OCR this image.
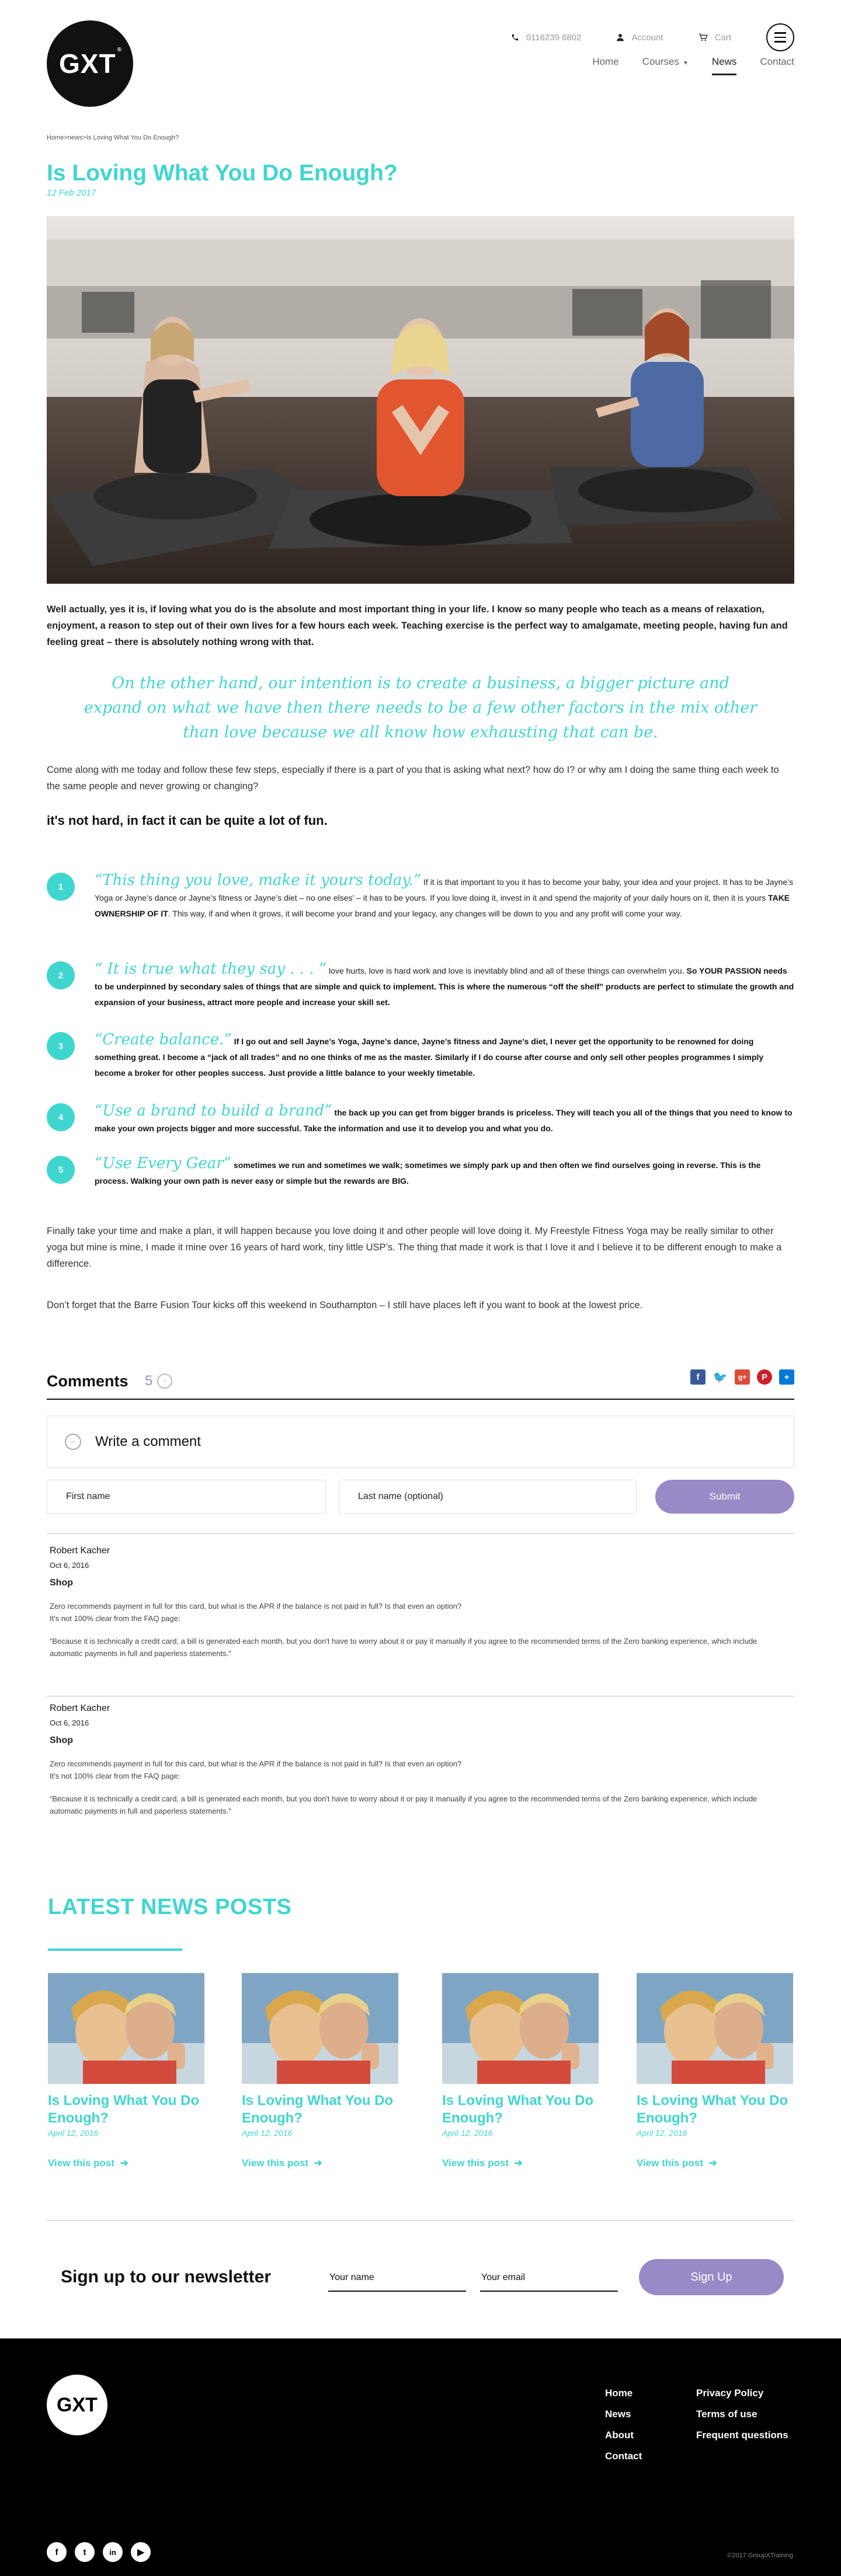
GXT®
0116239 6802	Account	Cart
Home Courses ▼ News Contact
Home>news>Is Loving What You Do Enough?
Is Loving What You Do Enough?
12 Feb 2017
Well actually, yes it is, if loving what you do is the absolute and most important thing in your life. I know so many people who teach as a means of relaxation, enjoyment, a reason to step out of their own lives for a few hours each week. Teaching exercise is the perfect way to amalgamate, meeting people, having fun and feeling great – there is absolutely nothing wrong with that.
On the other hand, our intention is to create a business, a bigger picture and expand on what we have then there needs to be a few other factors in the mix other than love because we all know how exhausting that can be.
Come along with me today and follow these few steps, especially if there is a part of you that is asking what next? how do I? or why am I doing the same thing each week to the same people and never growing or changing?
it's not hard, in fact it can be quite a lot of fun.
1	“This thing you love, make it yours today.” If it is that important to you it has to become your baby, your idea and your project. It has to be Jayne’s Yoga or Jayne’s dance or Jayne’s fitness or Jayne’s diet – no one elses’ – it has to be yours. If you love doing it, invest in it and spend the majority of your daily hours on it, then it is yours TAKE OWNERSHIP OF IT. This way, if and when it grows, it will become your brand and your legacy, any changes will be down to you and any profit will come your way.
2	“ It is true what they say . . . ” love hurts, love is hard work and love is inevitably blind and all of these things can overwhelm you. So YOUR PASSION needs to be underpinned by secondary sales of things that are simple and quick to implement. This is where the numerous “off the shelf” products are perfect to stimulate the growth and expansion of your business, attract more people and increase your skill set.
3	“Create balance.” If I go out and sell Jayne’s Yoga, Jayne’s dance, Jayne’s fitness and Jayne’s diet, I never get the opportunity to be renowned for doing something great. I become a “jack of all trades” and no one thinks of me as the master. Similarly if I do course after course and only sell other peoples programmes I simply become a broker for other peoples success. Just provide a little balance to your weekly timetable.
4	“Use a brand to build a brand” the back up you can get from bigger brands is priceless. They will teach you all of the things that you need to know to make your own projects bigger and more successful. Take the information and use it to develop you and what you do.
5	“Use Every Gear” sometimes we run and sometimes we walk; sometimes we simply park up and then often we find ourselves going in reverse. This is the process. Walking your own path is never easy or simple but the rewards are BIG.
Finally take your time and make a plan, it will happen because you love doing it and other people will love doing it. My Freestyle Fitness Yoga may be really similar to other yoga but mine is mine, I made it mine over 16 years of hard work, tiny little USP’s. The thing that made it work is that I love it and I believe it to be different enough to make a difference.
Don’t forget that the Barre Fusion Tour kicks off this weekend in Southampton – I still have places left if you want to book at the lowest price.
Comments 5	◦◦	f	🐦	g+	P	+
◦◦	Write a comment
First name	Last name (optional)	Submit
Robert Kacher
Oct 6, 2016
Shop

Zero recommends payment in full for this card, but what is the APR if the balance is not paid in full? Is that even an option?

It's not 100% clear from the FAQ page:

“Because it is technically a credit card, a bill is generated each month, but you don't have to worry about it or pay it manually if you agree to the recommended terms of the Zero banking experience, which include automatic payments in full and paperless statements.”

Robert Kacher
Oct 6, 2016
Shop

Zero recommends payment in full for this card, but what is the APR if the balance is not paid in full? Is that even an option?

It's not 100% clear from the FAQ page:

“Because it is technically a credit card, a bill is generated each month, but you don't have to worry about it or pay it manually if you agree to the recommended terms of the Zero banking experience, which include automatic payments in full and paperless statements.”

LATEST NEWS POSTS
Is Loving What You Do Enough?
April 12, 2016
View this post  ➔
Is Loving What You Do Enough?
April 12, 2016
View this post  ➔
Is Loving What You Do Enough?
April 12, 2016
View this post  ➔
Is Loving What You Do Enough?
April 12, 2016
View this post  ➔
Sign up to our newsletter	Your name	Your email	Sign Up
GXT
Home
News
About
Contact
Privacy Policy
Terms of use
Frequent questions
f	t	in	▶	©2017 GroupXTraining
